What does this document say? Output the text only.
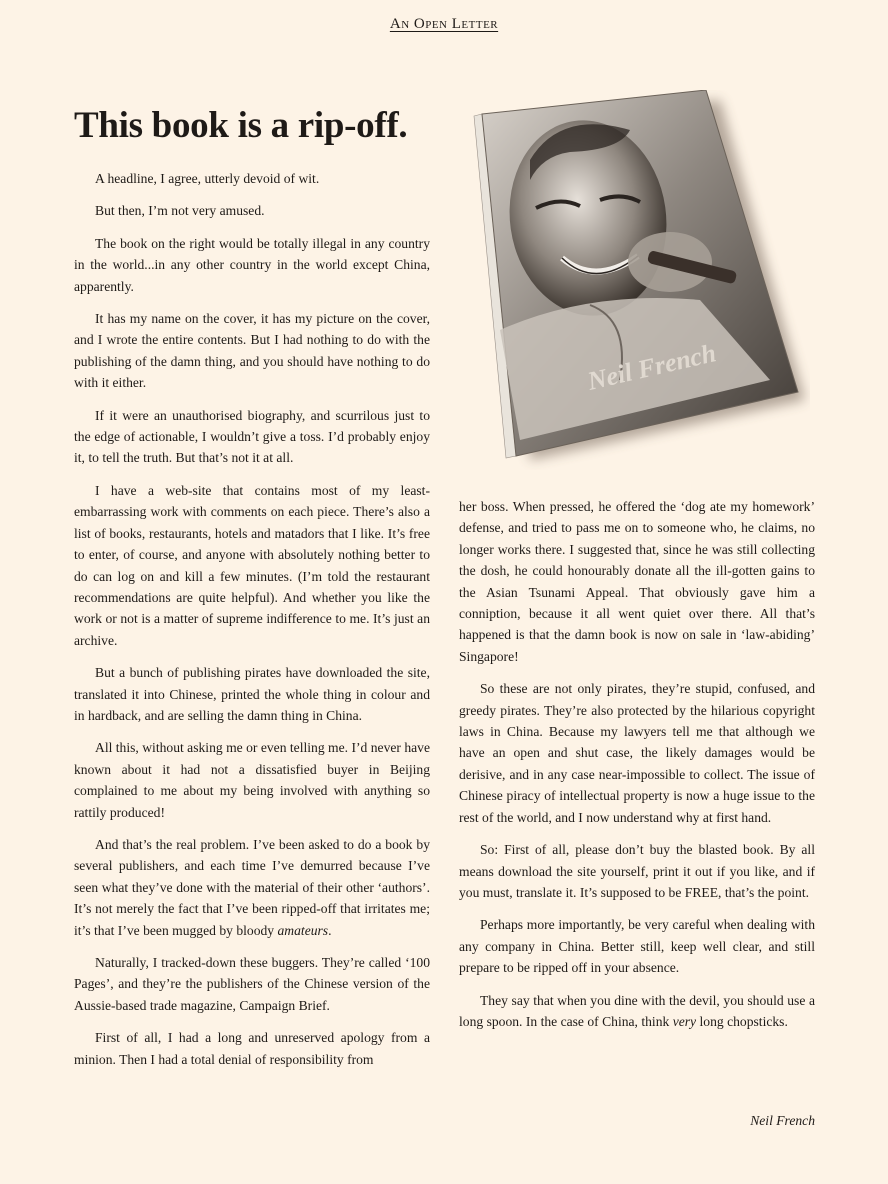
An Open Letter
This book is a rip-off.
Neil French

A headline, I agree, utterly devoid of wit.

But then, I’m not very amused.

The book on the right would be totally illegal in any country in the world...in any other country in the world except China, apparently.

It has my name on the cover, it has my picture on the cover, and I wrote the entire contents. But I had nothing to do with the publishing of the damn thing, and you should have nothing to do with it either.

If it were an unauthorised biography, and scurrilous just to the edge of actionable, I wouldn’t give a toss. I’d probably enjoy it, to tell the truth. But that’s not it at all.

I have a web-site that contains most of my least-embarrassing work with comments on each piece. There’s also a list of books, restaurants, hotels and matadors that I like. It’s free to enter, of course, and anyone with absolutely nothing better to do can log on and kill a few minutes. (I’m told the restaurant recommendations are quite helpful). And whether you like the work or not is a matter of supreme indifference to me. It’s just an archive.

But a bunch of publishing pirates have downloaded the site, translated it into Chinese, printed the whole thing in colour and in hardback, and are selling the damn thing in China.

All this, without asking me or even telling me. I’d never have known about it had not a dissatisfied buyer in Beijing complained to me about my being involved with anything so rattily produced!

And that’s the real problem. I’ve been asked to do a book by several publishers, and each time I’ve demurred because I’ve seen what they’ve done with the material of their other ‘authors’. It’s not merely the fact that I’ve been ripped-off that irritates me; it’s that I’ve been mugged by bloody amateurs.

Naturally, I tracked-down these buggers. They’re called ‘100 Pages’, and they’re the publishers of the Chinese version of the Aussie-based trade magazine, Campaign Brief.

First of all, I had a long and unreserved apology from a minion. Then I had a total denial of responsibility from

her boss. When pressed, he offered the ‘dog ate my homework’ defense, and tried to pass me on to someone who, he claims, no longer works there. I suggested that, since he was still collecting the dosh, he could honourably donate all the ill-gotten gains to the Asian Tsunami Appeal. That obviously gave him a conniption, because it all went quiet over there. All that’s happened is that the damn book is now on sale in ‘law-abiding’ Singapore!

So these are not only pirates, they’re stupid, confused, and greedy pirates. They’re also protected by the hilarious copyright laws in China. Because my lawyers tell me that although we have an open and shut case, the likely damages would be derisive, and in any case near-impossible to collect. The issue of Chinese piracy of intellectual property is now a huge issue to the rest of the world, and I now understand why at first hand.

So: First of all, please don’t buy the blasted book. By all means download the site yourself, print it out if you like, and if you must, translate it. It’s supposed to be FREE, that’s the point.

Perhaps more importantly, be very careful when dealing with any company in China. Better still, keep well clear, and still prepare to be ripped off in your absence.

They say that when you dine with the devil, you should use a long spoon. In the case of China, think very long chopsticks.

Neil French
